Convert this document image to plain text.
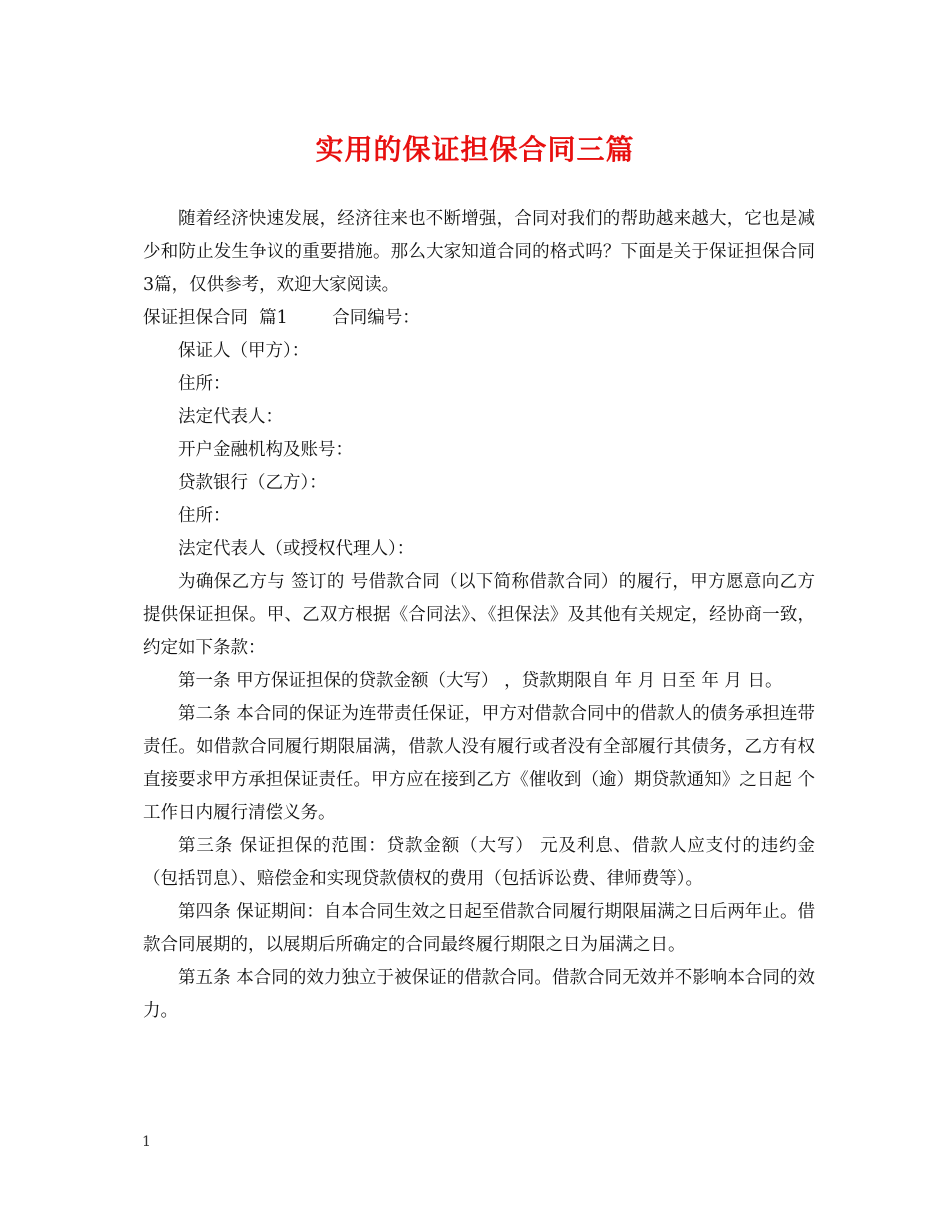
实用的保证担保合同三篇

随着经济快速发展，经济往来也不断增强，合同对我们的帮助越来越大，它也是减少和防止发生争议的重要措施。那么大家知道合同的格式吗？下面是关于保证担保合同3篇，仅供参考，欢迎大家阅读。

保证担保合同  篇1        合同编号：

保证人（甲方）：

住所：

法定代表人：

开户金融机构及账号：

贷款银行（乙方）：

住所：

法定代表人（或授权代理人）：

为确保乙方与 签订的 号借款合同（以下简称借款合同）的履行，甲方愿意向乙方提供保证担保。甲、乙双方根据《合同法》、《担保法》及其他有关规定，经协商一致，约定如下条款：

第一条 甲方保证担保的贷款金额（大写） ，贷款期限自 年 月 日至 年 月 日。

第二条 本合同的保证为连带责任保证，甲方对借款合同中的借款人的债务承担连带责任。如借款合同履行期限届满，借款人没有履行或者没有全部履行其债务，乙方有权直接要求甲方承担保证责任。甲方应在接到乙方《催收到（逾）期贷款通知》之日起 个工作日内履行清偿义务。

第三条 保证担保的范围：贷款金额（大写） 元及利息、借款人应支付的违约金（包括罚息）、赔偿金和实现贷款债权的费用（包括诉讼费、律师费等）。

第四条 保证期间：自本合同生效之日起至借款合同履行期限届满之日后两年止。借款合同展期的，以展期后所确定的合同最终履行期限之日为届满之日。

第五条 本合同的效力独立于被保证的借款合同。借款合同无效并不影响本合同的效力。

1
